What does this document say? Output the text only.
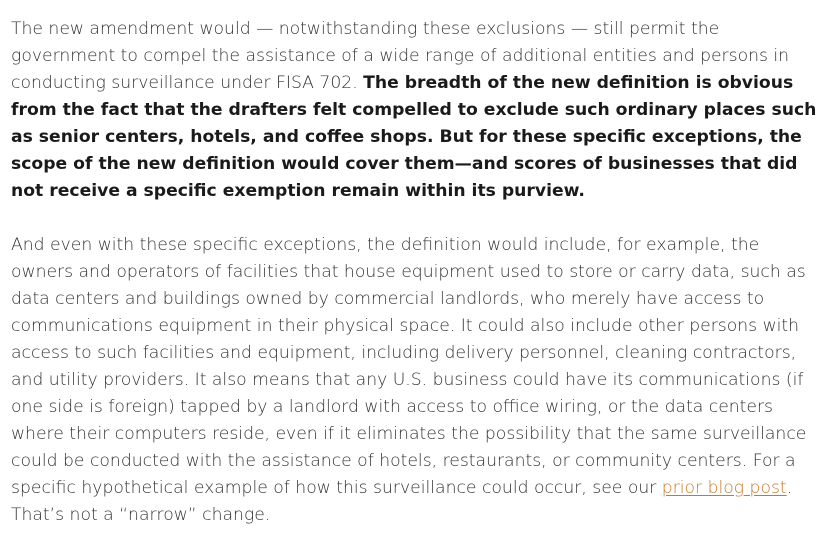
The new amendment would — notwithstanding these exclusions — still permit the government to compel the assistance of a wide range of additional entities and persons in conducting surveillance under FISA 702. The breadth of the new definition is obvious from the fact that the drafters felt compelled to exclude such ordinary places such as senior centers, hotels, and coffee shops. But for these specific exceptions, the scope of the new definition would cover them—and scores of businesses that did not receive a specific exemption remain within its purview.

And even with these specific exceptions, the definition would include, for example, the owners and operators of facilities that house equipment used to store or carry data, such as data centers and buildings owned by commercial landlords, who merely have access to communications equipment in their physical space. It could also include other persons with access to such facilities and equipment, including delivery personnel, cleaning contractors, and utility providers. It also means that any U.S. business could have its communications (if one side is foreign) tapped by a landlord with access to office wiring, or the data centers where their computers reside, even if it eliminates the possibility that the same surveillance could be conducted with the assistance of hotels, restaurants, or community centers. For a specific hypothetical example of how this surveillance could occur, see our prior blog post.
That’s not a “narrow” change.
